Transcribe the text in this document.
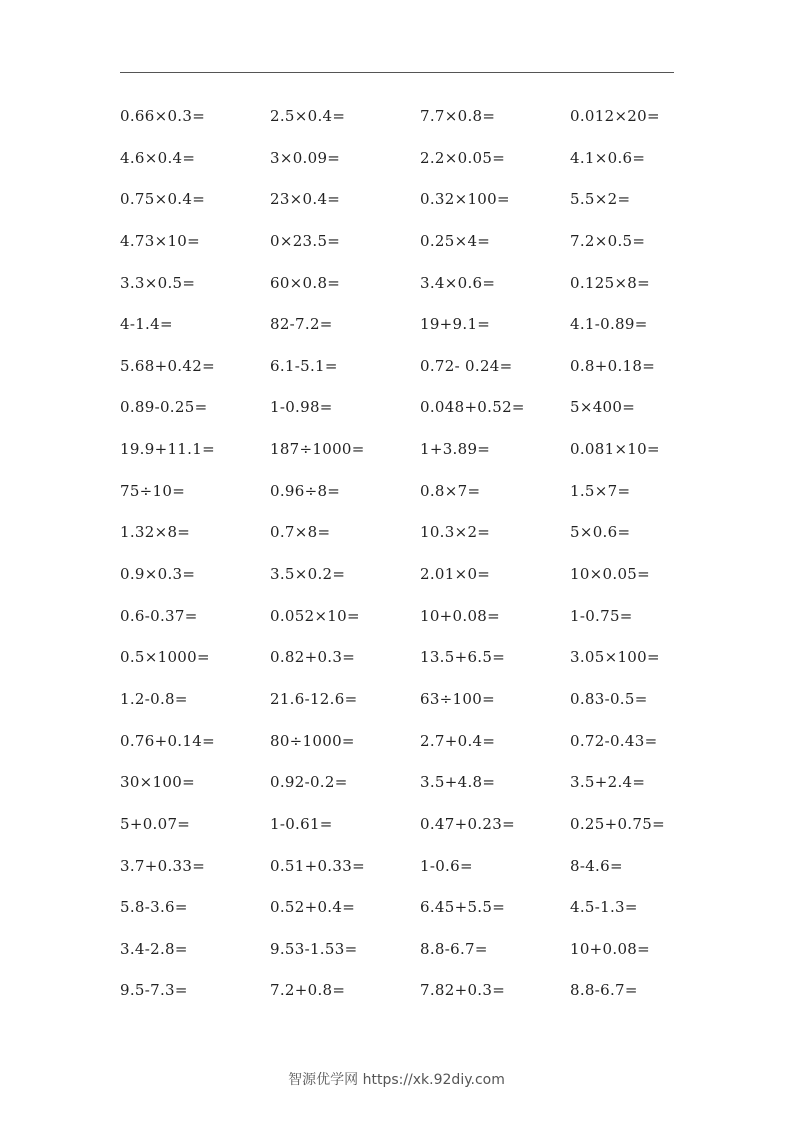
0.66×0.3=	2.5×0.4=	7.7×0.8=	0.012×20=
4.6×0.4=	3×0.09=	2.2×0.05=	4.1×0.6=
0.75×0.4=	23×0.4=	0.32×100=	5.5×2=
4.73×10=	0×23.5=	0.25×4=	7.2×0.5=
3.3×0.5=	60×0.8=	3.4×0.6=	0.125×8=
4-1.4=	82-7.2=	19+9.1=	4.1-0.89=
5.68+0.42=	6.1-5.1=	0.72- 0.24=	0.8+0.18=
0.89-0.25=	1-0.98=	0.048+0.52=	5×400=
19.9+11.1=	187÷1000=	1+3.89=	0.081×10=
75÷10=	0.96÷8=	0.8×7=	1.5×7=
1.32×8=	0.7×8=	10.3×2=	5×0.6=
0.9×0.3=	3.5×0.2=	2.01×0=	10×0.05=
0.6-0.37=	0.052×10=	10+0.08=	1-0.75=
0.5×1000=	0.82+0.3=	13.5+6.5=	3.05×100=
1.2-0.8=	21.6-12.6=	63÷100=	0.83-0.5=
0.76+0.14=	80÷1000=	2.7+0.4=	0.72-0.43=
30×100=	0.92-0.2=	3.5+4.8=	3.5+2.4=
5+0.07=	1-0.61=	0.47+0.23=	0.25+0.75=
3.7+0.33=	0.51+0.33=	1-0.6=	8-4.6=
5.8-3.6=	0.52+0.4=	6.45+5.5=	4.5-1.3=
3.4-2.8=	9.53-1.53=	8.8-6.7=	10+0.08=
9.5-7.3=	7.2+0.8=	7.82+0.3=	8.8-6.7=
智源优学网 https://xk.92diy.com
